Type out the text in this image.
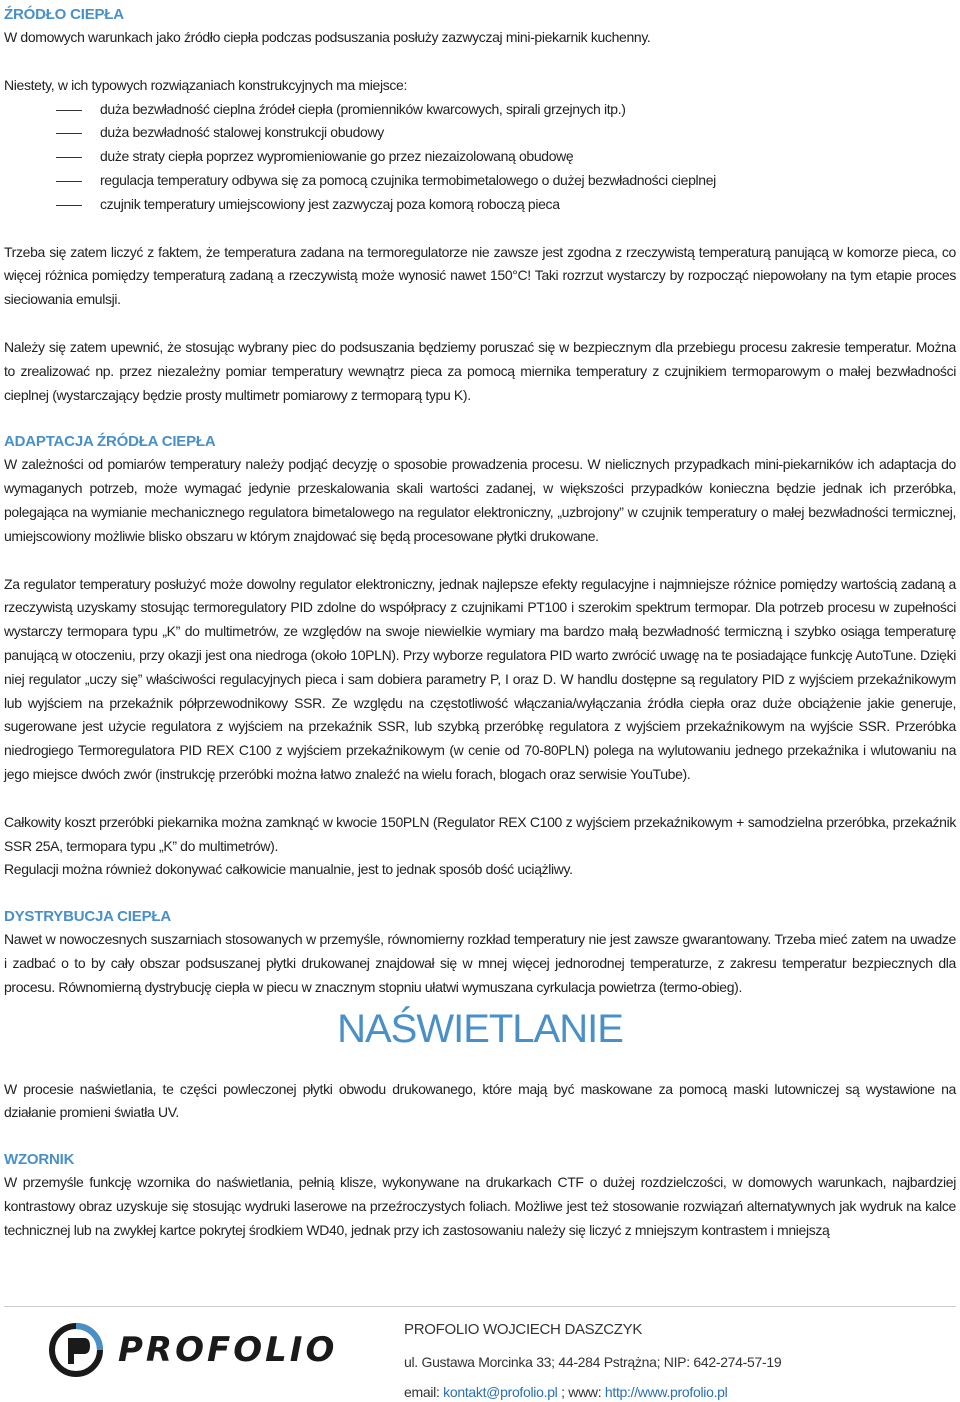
ŹRÓDŁO CIEPŁA

W domowych warunkach jako źródło ciepła podczas podsuszania posłuży zazwyczaj mini-piekarnik kuchenny.

Niestety, w ich typowych rozwiązaniach konstrukcyjnych ma miejsce:

duża bezwładność cieplna źródeł ciepła (promienników kwarcowych, spirali grzejnych itp.)
duża bezwładność stalowej konstrukcji obudowy
duże straty ciepła poprzez wypromieniowanie go przez niezaizolowaną obudowę
regulacja temperatury odbywa się za pomocą czujnika termobimetalowego o dużej bezwładności cieplnej
czujnik temperatury umiejscowiony jest zazwyczaj poza komorą roboczą pieca

Trzeba się zatem liczyć z faktem, że temperatura zadana na termoregulatorze nie zawsze jest zgodna z rzeczywistą temperaturą panującą w komorze pieca, co więcej różnica pomiędzy temperaturą zadaną a rzeczywistą może wynosić nawet 150°C! Taki rozrzut wystarczy by rozpocząć niepowołany na tym etapie proces sieciowania emulsji.

Należy się zatem upewnić, że stosując wybrany piec do podsuszania będziemy poruszać się w bezpiecznym dla przebiegu procesu zakresie temperatur. Można to zrealizować np. przez niezależny pomiar temperatury wewnątrz pieca za pomocą miernika temperatury z czujnikiem termoparowym o małej bezwładności cieplnej (wystarczający będzie prosty multimetr pomiarowy z termoparą typu K).

ADAPTACJA ŹRÓDŁA CIEPŁA

W zależności od pomiarów temperatury należy podjąć decyzję o sposobie prowadzenia procesu. W nielicznych przypadkach mini-piekarników ich adaptacja do wymaganych potrzeb, może wymagać jedynie przeskalowania skali wartości zadanej, w większości przypadków konieczna będzie jednak ich przeróbka, polegająca na wymianie mechanicznego regulatora bimetalowego na regulator elektroniczny, „uzbrojony” w czujnik temperatury o małej bezwładności termicznej, umiejscowiony możliwie blisko obszaru w którym znajdować się będą procesowane płytki drukowane.

Za regulator temperatury posłużyć może dowolny regulator elektroniczny, jednak najlepsze efekty regulacyjne i najmniejsze różnice pomiędzy wartością zadaną a rzeczywistą uzyskamy stosując termoregulatory PID zdolne do współpracy z czujnikami PT100 i szerokim spektrum termopar. Dla potrzeb procesu w zupełności wystarczy termopara typu „K” do multimetrów, ze względów na swoje niewielkie wymiary ma bardzo małą bezwładność termiczną i szybko osiąga temperaturę panującą w otoczeniu, przy okazji jest ona niedroga (około 10PLN). Przy wyborze regulatora PID warto zwrócić uwagę na te posiadające funkcję AutoTune. Dzięki niej regulator „uczy się” właściwości regulacyjnych pieca i sam dobiera parametry P, I oraz D. W handlu dostępne są regulatory PID z wyjściem przekaźnikowym lub wyjściem na przekaźnik półprzewodnikowy SSR. Ze względu na częstotliwość włączania/wyłączania źródła ciepła oraz duże obciążenie jakie generuje, sugerowane jest użycie regulatora z wyjściem na przekaźnik SSR, lub szybką przeróbkę regulatora z wyjściem przekaźnikowym na wyjście SSR. Przeróbka niedrogiego Termoregulatora PID REX C100 z wyjściem przekaźnikowym (w cenie od 70-80PLN) polega na wylutowaniu jednego przekaźnika i wlutowaniu na jego miejsce dwóch zwór (instrukcję przeróbki można łatwo znaleźć na wielu forach, blogach oraz serwisie YouTube).

Całkowity koszt przeróbki piekarnika można zamknąć w kwocie 150PLN (Regulator REX C100 z wyjściem przekaźnikowym + samodzielna przeróbka, przekaźnik SSR 25A, termopara typu „K” do multimetrów).

Regulacji można również dokonywać całkowicie manualnie, jest to jednak sposób dość uciążliwy.

DYSTRYBUCJA CIEPŁA

Nawet w nowoczesnych suszarniach stosowanych w przemyśle, równomierny rozkład temperatury nie jest zawsze gwarantowany. Trzeba mieć zatem na uwadze i zadbać o to by cały obszar podsuszanej płytki drukowanej znajdował się w mnej więcej jednorodnej temperaturze, z zakresu temperatur bezpiecznych dla procesu. Równomierną dystrybucję ciepła w piecu w znacznym stopniu ułatwi wymuszana cyrkulacja powietrza (termo-obieg).

NAŚWIETLANIE

W procesie naświetlania, te części powleczonej płytki obwodu drukowanego, które mają być maskowane za pomocą maski lutowniczej są wystawione na działanie promieni światła UV.

WZORNIK

W przemyśle funkcję wzornika do naświetlania, pełnią klisze, wykonywane na drukarkach CTF o dużej rozdzielczości, w domowych warunkach, najbardziej kontrastowy obraz uzyskuje się stosując wydruki laserowe na przeźroczystych foliach. Możliwe jest też stosowanie rozwiązań alternatywnych jak wydruk na kalce technicznej lub na zwykłej kartce pokrytej środkiem WD40, jednak przy ich zastosowaniu należy się liczyć z mniejszym kontrastem i mniejszą

PROFOLIO
PROFOLIO WOJCIECH DASZCZYK
ul. Gustawa Morcinka 33; 44-284 Pstrążna; NIP: 642-274-57-19
email: kontakt@profolio.pl ; www: http://www.profolio.pl
